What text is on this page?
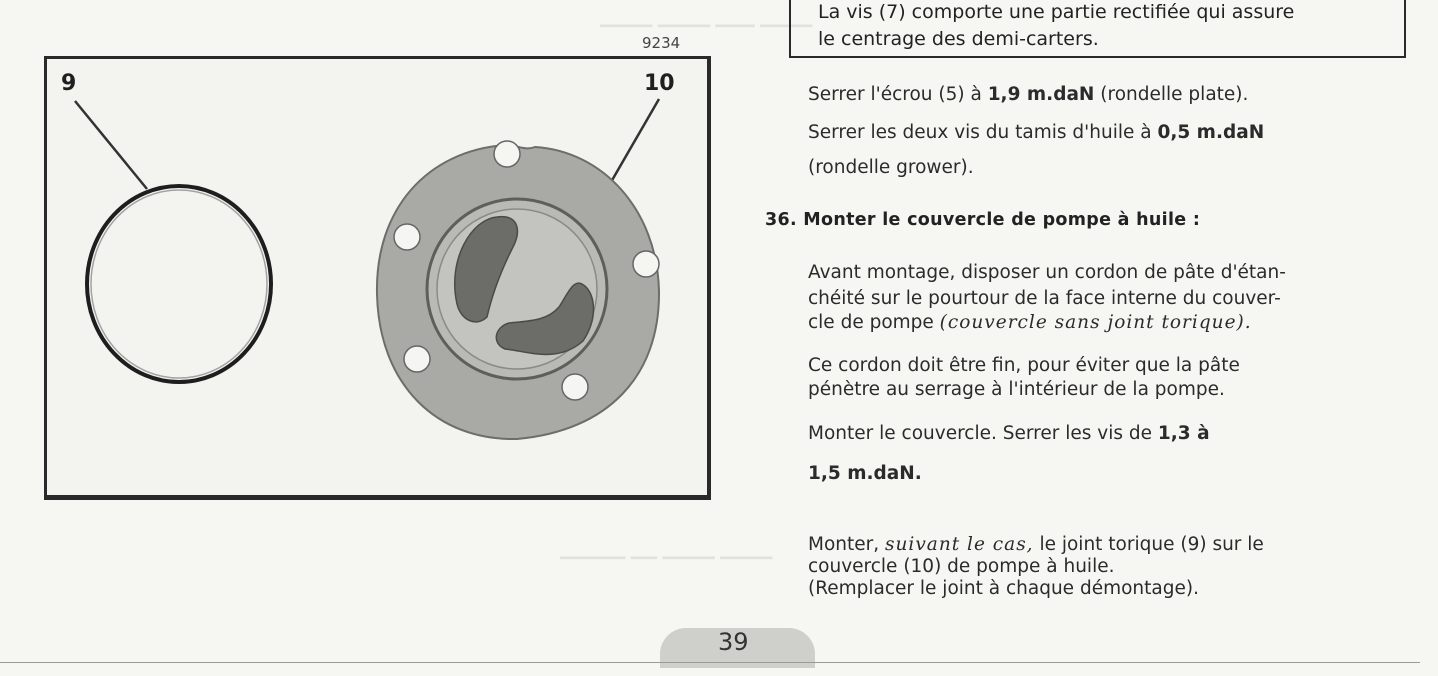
▁▁▁▁ ▁▁▁▁ ▁▁▁ ▁▁▁▁
▁▁▁▁▁ ▁▁ ▁▁▁▁ ▁▁▁▁
9234
9	10
La vis (7) comporte une partie rectifiée qui assure
le centrage des demi-carters.
Serrer l'écrou (5) à 1,9 m.daN (rondelle plate).
Serrer les deux vis du tamis d'huile à 0,5 m.daN
(rondelle grower).
36. Monter le couvercle de pompe à huile :
Avant montage, disposer un cordon de pâte d'étan-
chéité sur le pourtour de la face interne du couver-
cle de pompe (couvercle sans joint torique).
Ce cordon doit être fin, pour éviter que la pâte
pénètre au serrage à l'intérieur de la pompe.
Monter le couvercle. Serrer les vis de 1,3 à
1,5 m.daN.
Monter, suivant le cas, le joint torique (9) sur le
couvercle (10) de pompe à huile.
(Remplacer le joint à chaque démontage).
39
